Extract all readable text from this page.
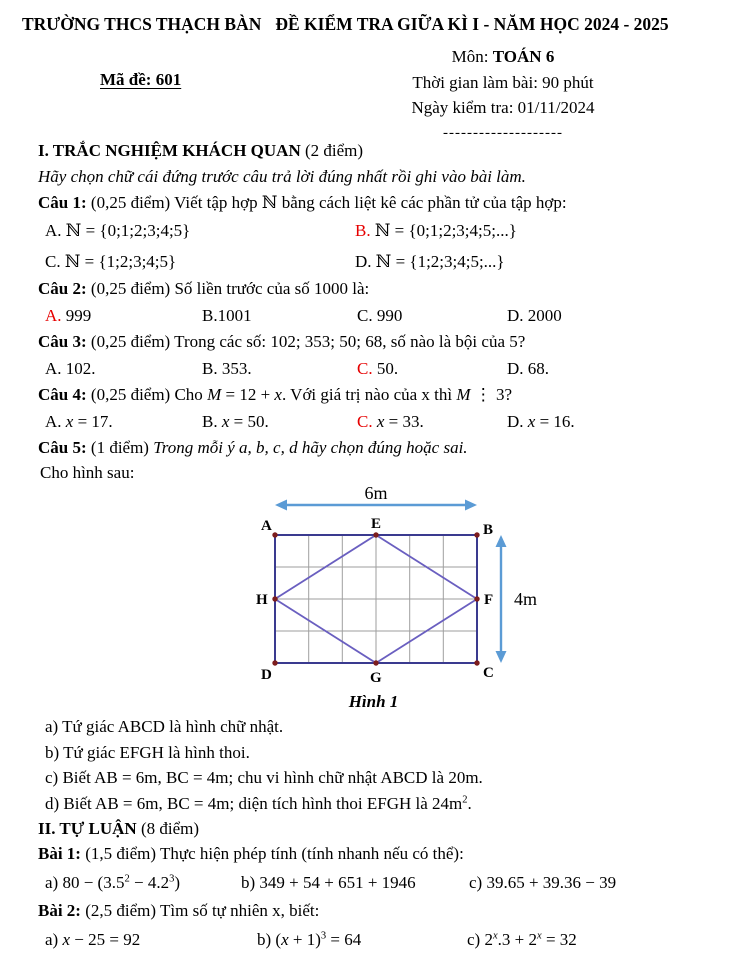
TRƯỜNG THCS THẠCH BÀN ĐỀ KIỂM TRA GIỮA KÌ I - NĂM HỌC 2024 - 2025
Môn: TOÁN 6
Thời gian làm bài: 90 phút
Ngày kiểm tra: 01/11/2024
--------------------
Mã đề: 601
I. TRẮC NGHIỆM KHÁCH QUAN (2 điểm)
Hãy chọn chữ cái đứng trước câu trả lời đúng nhất rồi ghi vào bài làm.
Câu 1: (0,25 điểm) Viết tập hợp ℕ bằng cách liệt kê các phần tử của tập hợp:
A. ℕ = {0;1;2;3;4;5}	B. ℕ = {0;1;2;3;4;5;...}
C. ℕ = {1;2;3;4;5}	D. ℕ = {1;2;3;4;5;...}
Câu 2: (0,25 điểm) Số liền trước của số 1000 là:
A. 999	B.1001	C. 990	D. 2000
Câu 3: (0,25 điểm) Trong các số: 102; 353; 50; 68, số nào là bội của 5?
A. 102.	B. 353.	C. 50.	D. 68.
Câu 4: (0,25 điểm) Cho M = 12 + x. Với giá trị nào của x thì M ⋮ 3?
A. x = 17.	B. x = 50.	C. x = 33.	D. x = 16.
Câu 5: (1 điểm) Trong mỗi ý a, b, c, d hãy chọn đúng hoặc sai.
Cho hình sau:
6m
4m
A	B
C
D
E
F
G
H
Hình 1
a) Tứ giác ABCD là hình chữ nhật.
b) Tứ giác EFGH là hình thoi.
c) Biết AB = 6m, BC = 4m; chu vi hình chữ nhật ABCD là 20m.
d) Biết AB = 6m, BC = 4m; diện tích hình thoi EFGH là $24m^2$.
II. TỰ LUẬN (8 điểm)
Bài 1: (1,5 điểm) Thực hiện phép tính (tính nhanh nếu có thể):
a) $80 - (3.5^2 - 4.2^3)$	b) 349 + 54 + 651 + 1946	c) 39.65 + 39.36 − 39
Bài 2: (2,5 điểm) Tìm số tự nhiên x, biết:
a) x − 25 = 92	b) $(x + 1)^3 = 64$	c) $2^x.3 + 2^x = 32$
